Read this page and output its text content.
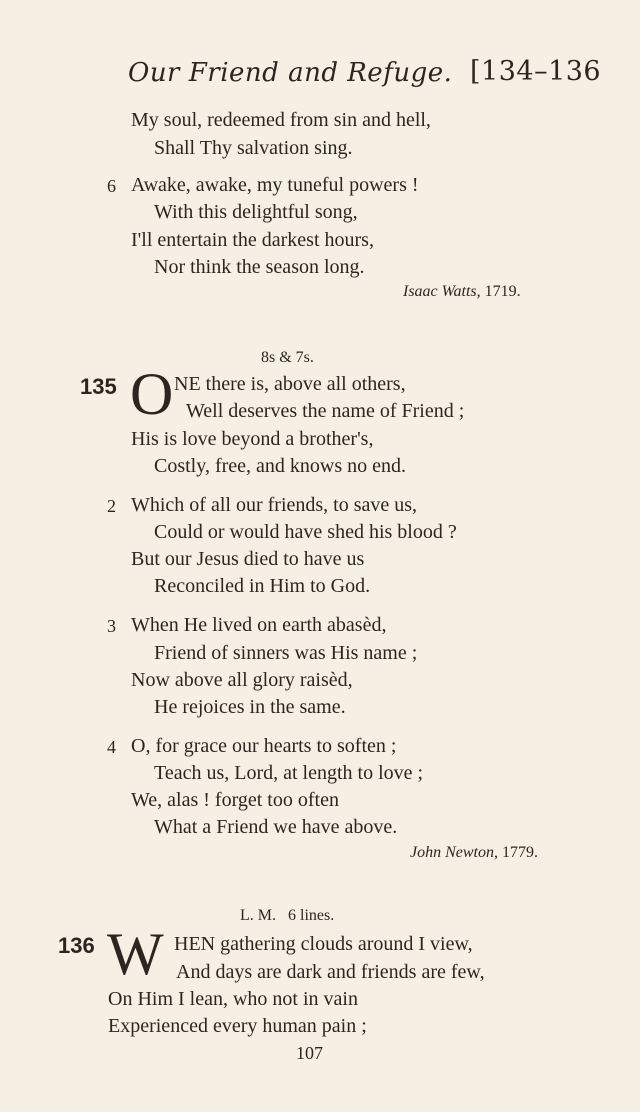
Our Friend and Refuge. [134–136
My soul, redeemed from sin and hell,
Shall Thy salvation sing.
6 Awake, awake, my tuneful powers !
With this delightful song,
I'll entertain the darkest hours,
Nor think the season long.
Isaac Watts, 1719.
8s & 7s.
135 O NE there is, above all others,
Well deserves the name of Friend ;
His is love beyond a brother's,
Costly, free, and knows no end.
2 Which of all our friends, to save us,
Could or would have shed his blood ?
But our Jesus died to have us
Reconciled in Him to God.
3 When He lived on earth abasèd,
Friend of sinners was His name ;
Now above all glory raisèd,
He rejoices in the same.
4 O, for grace our hearts to soften ;
Teach us, Lord, at length to love ;
We, alas ! forget too often
What a Friend we have above.
John Newton, 1779.
L. M. 6 lines.
136 W HEN gathering clouds around I view,
And days are dark and friends are few,
On Him I lean, who not in vain
Experienced every human pain ;
107
